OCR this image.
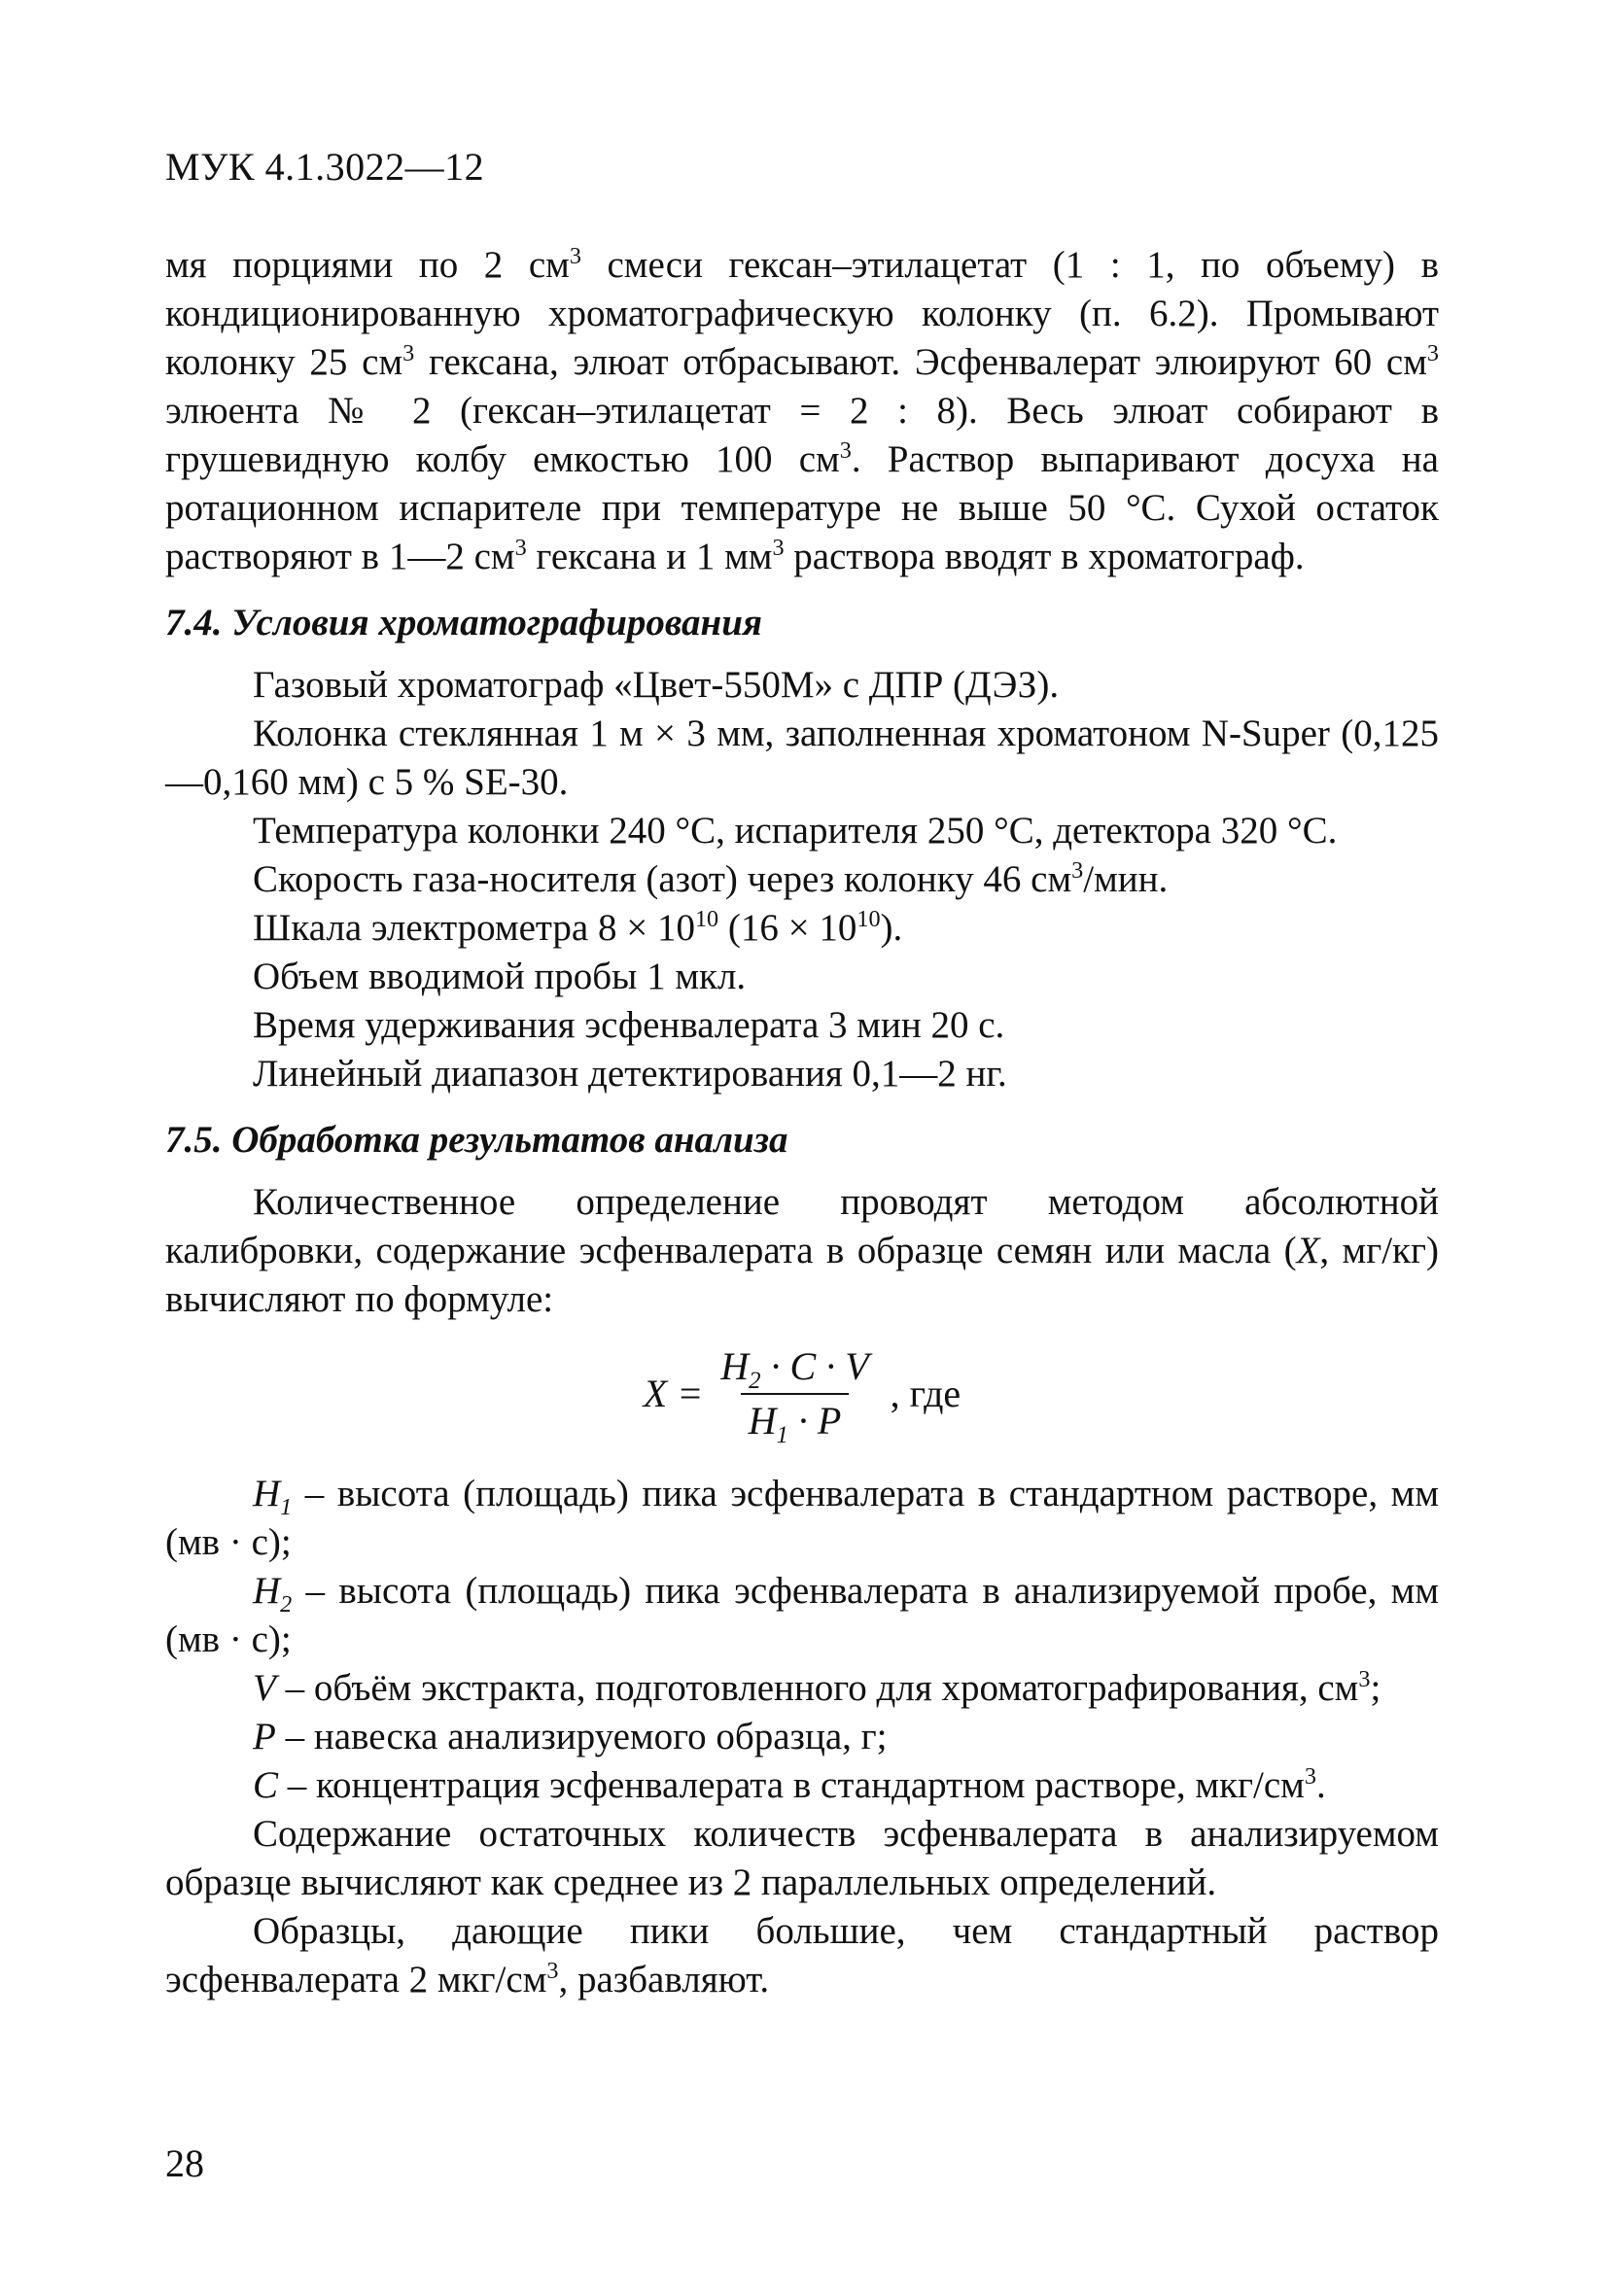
МУК 4.1.3022—12

мя порциями по 2 $см^3$ смеси гексан–этилацетат (1 : 1, по объему) в кондиционированную хроматографическую колонку (п. 6.2). Промывают колонку 25 $см^3$ гексана, элюат отбрасывают. Эсфенвалерат элюируют 60 $см^3$ элюента № 2 (гексан–этилацетат = 2 : 8). Весь элюат собирают в грушевидную колбу емкостью 100 $см^3$. Раствор выпаривают досуха на ротационном испарителе при температуре не выше 50 °С. Сухой остаток растворяют в 1—2 $см^3$ гексана и 1 $мм^3$ раствора вводят в хроматограф.

7.4. Условия хроматографирования

Газовый хроматограф «Цвет-550М» с ДПР (ДЭЗ).

Колонка стеклянная 1 м × 3 мм, заполненная хроматоном N-Super (0,125—0,160 мм) с 5 % SE-30.

Температура колонки 240 °С, испарителя 250 °С, детектора 320 °С.

Скорость газа-носителя (азот) через колонку 46 $см^3$/мин.

Шкала электрометра $8 \times 10^{10}$ $(16 \times 10^{10})$.

Объем вводимой пробы 1 мкл.

Время удерживания эсфенвалерата 3 мин 20 с.

Линейный диапазон детектирования 0,1—2 нг.

7.5. Обработка результатов анализа

Количественное определение проводят методом абсолютной калибровки, содержание эсфенвалерата в образце семян или масла (X, мг/кг) вычисляют по формуле:

$X = \frac{H_2 \cdot C \cdot V}{H_1 \cdot P}$ , где

$H_1$ – высота (площадь) пика эсфенвалерата в стандартном растворе, мм (мв · с);

$H_2$ – высота (площадь) пика эсфенвалерата в анализируемой пробе, мм (мв · с);

V – объём экстракта, подготовленного для хроматографирования, $см^3$;

P – навеска анализируемого образца, г;

C – концентрация эсфенвалерата в стандартном растворе, мкг/$см^3$.

Содержание остаточных количеств эсфенвалерата в анализируемом образце вычисляют как среднее из 2 параллельных определений.

Образцы, дающие пики большие, чем стандартный раствор эсфенвалерата 2 мкг/$см^3$, разбавляют.

28
